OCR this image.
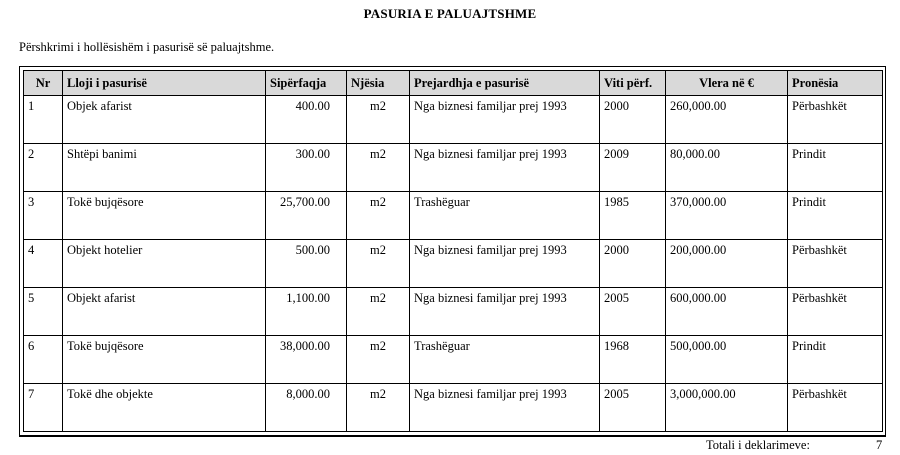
PASURIA E PALUAJTSHME
Përshkrimi i hollësishëm i pasurisë së paluajtshme.
Nr	Lloji i pasurisë	Sipërfaqja	Njësia	Prejardhja e pasurisë	Viti përf.	Vlera në €	Pronësia
1	Objek afarist	400.00	m2	Nga biznesi familjar prej 1993	2000	260,000.00	Përbashkët
2	Shtëpi banimi	300.00	m2	Nga biznesi familjar prej 1993	2009	80,000.00	Prindit
3	Tokë bujqësore	25,700.00	m2	Trashëguar	1985	370,000.00	Prindit
4	Objekt hotelier	500.00	m2	Nga biznesi familjar prej 1993	2000	200,000.00	Përbashkët
5	Objekt afarist	1,100.00	m2	Nga biznesi familjar prej 1993	2005	600,000.00	Përbashkët
6	Tokë bujqësore	38,000.00	m2	Trashëguar	1968	500,000.00	Prindit
7	Tokë dhe objekte	8,000.00	m2	Nga biznesi familjar prej 1993	2005	3,000,000.00	Përbashkët
Totali i deklarimeve:	7
